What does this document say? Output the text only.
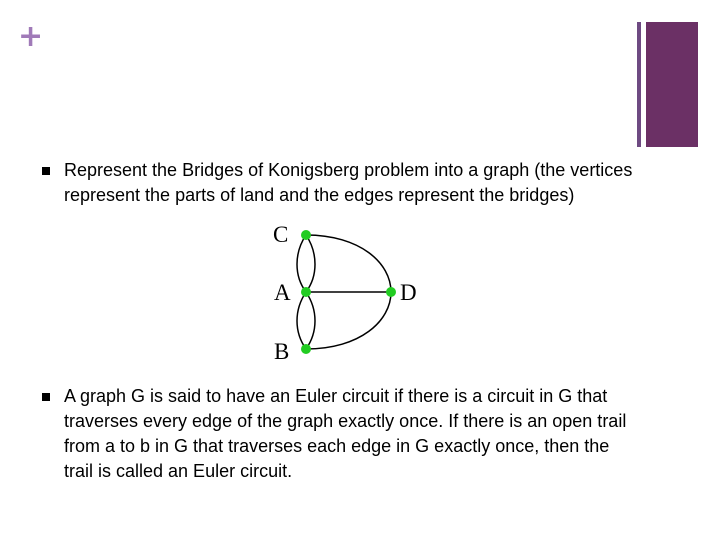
+
Represent the Bridges of Konigsberg problem into a graph (the vertices represent the parts of land and the edges represent the bridges)
C
A	D
B
A graph G is said to have an Euler circuit if there is a circuit in G that traverses every edge of the graph exactly once. If there is an open trail from a to b in G that traverses each edge in G exactly once, then the trail is called an Euler circuit.
